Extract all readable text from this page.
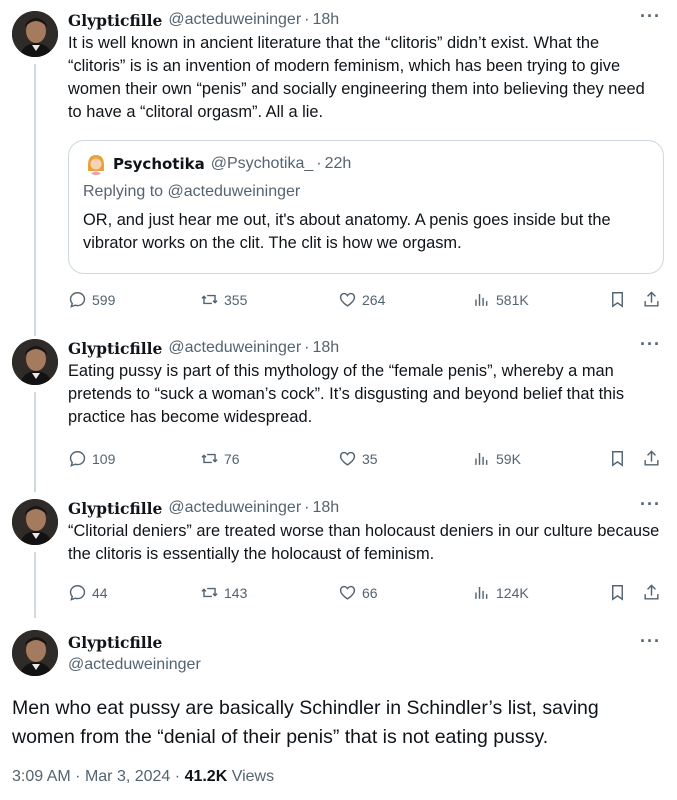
Glypticfille @acteduweininger · 18h	···
It is well known in ancient literature that the “clitoris” didn’t exist. What the “clitoris” is is an invention of modern feminism, which has been trying to give women their own “penis” and socially engineering them into believing they need to have a “clitoral orgasm”. All a lie.
Psychotika @Psychotika_ · 22h
Replying to @acteduweininger
OR, and just hear me out, it's about anatomy. A penis goes inside but the vibrator works on the clit. The clit is how we orgasm.
599	355	264	581K
Glypticfille @acteduweininger · 18h	···
Eating pussy is part of this mythology of the “female penis”, whereby a man pretends to “suck a woman’s cock”. It’s disgusting and beyond belief that this practice has become widespread.
109	76	35	59K
Glypticfille @acteduweininger · 18h	···
“Clitorial deniers” are treated worse than holocaust deniers in our culture because the clitoris is essentially the holocaust of feminism.
44	143	66	124K
Glypticfille
@acteduweininger
···
Men who eat pussy are basically Schindler in Schindler’s list, saving women from the “denial of their penis” that is not eating pussy.
3:09 AM · Mar 3, 2024 · 41.2K Views
